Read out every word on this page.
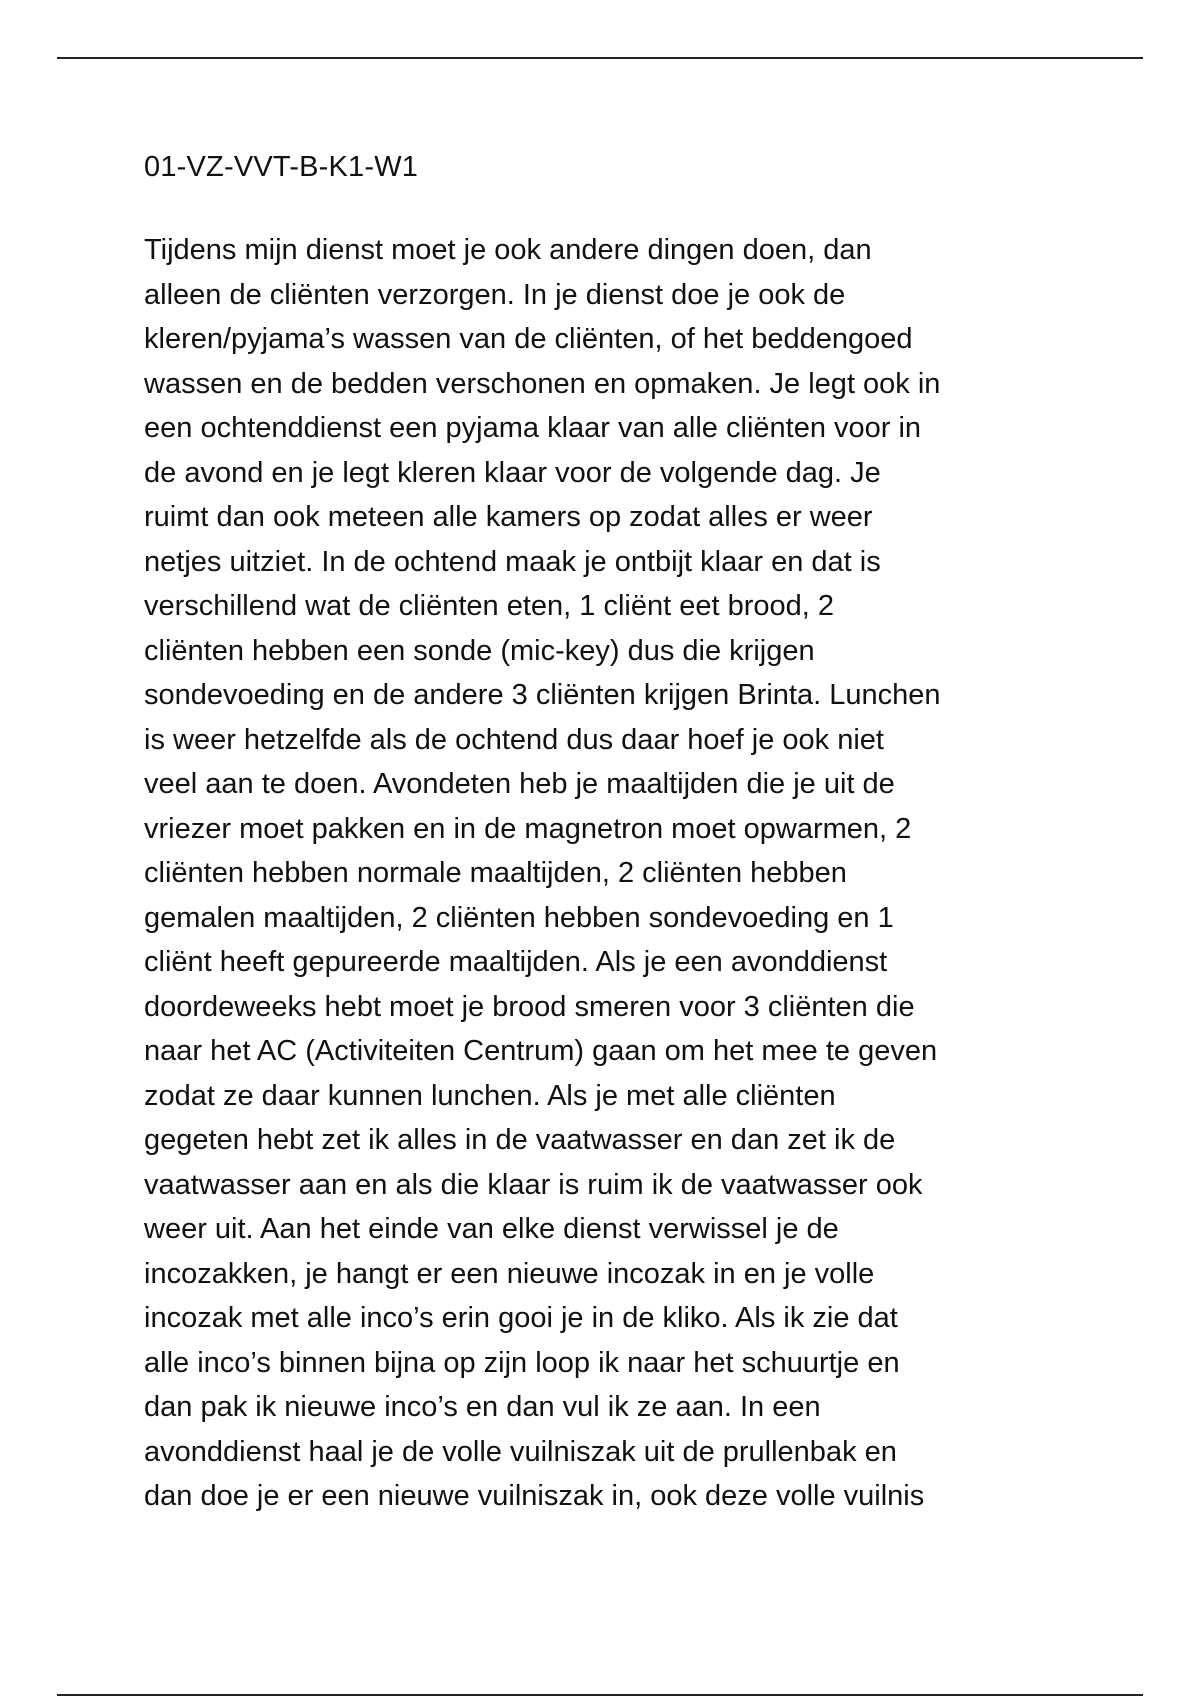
01-VZ-VVT-B-K1-W1

Tijdens mijn dienst moet je ook andere dingen doen, dan
alleen de cliënten verzorgen. In je dienst doe je ook de
kleren/pyjama’s wassen van de cliënten, of het beddengoed
wassen en de bedden verschonen en opmaken. Je legt ook in
een ochtenddienst een pyjama klaar van alle cliënten voor in
de avond en je legt kleren klaar voor de volgende dag. Je
ruimt dan ook meteen alle kamers op zodat alles er weer
netjes uitziet. In de ochtend maak je ontbijt klaar en dat is
verschillend wat de cliënten eten, 1 cliënt eet brood, 2
cliënten hebben een sonde (mic-key) dus die krijgen
sondevoeding en de andere 3 cliënten krijgen Brinta. Lunchen
is weer hetzelfde als de ochtend dus daar hoef je ook niet
veel aan te doen. Avondeten heb je maaltijden die je uit de
vriezer moet pakken en in de magnetron moet opwarmen, 2
cliënten hebben normale maaltijden, 2 cliënten hebben
gemalen maaltijden, 2 cliënten hebben sondevoeding en 1
cliënt heeft gepureerde maaltijden. Als je een avonddienst
doordeweeks hebt moet je brood smeren voor 3 cliënten die
naar het AC (Activiteiten Centrum) gaan om het mee te geven
zodat ze daar kunnen lunchen. Als je met alle cliënten
gegeten hebt zet ik alles in de vaatwasser en dan zet ik de
vaatwasser aan en als die klaar is ruim ik de vaatwasser ook
weer uit. Aan het einde van elke dienst verwissel je de
incozakken, je hangt er een nieuwe incozak in en je volle
incozak met alle inco’s erin gooi je in de kliko. Als ik zie dat
alle inco’s binnen bijna op zijn loop ik naar het schuurtje en
dan pak ik nieuwe inco’s en dan vul ik ze aan. In een
avonddienst haal je de volle vuilniszak uit de prullenbak en
dan doe je er een nieuwe vuilniszak in, ook deze volle vuilnis
